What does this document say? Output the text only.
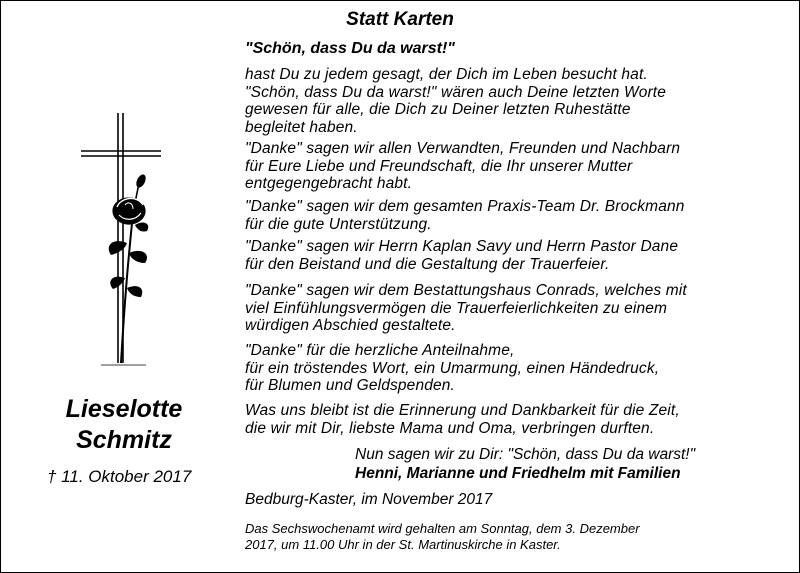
Statt Karten
Lieselotte
Schmitz
† 11. Oktober 2017
"Schön, dass Du da warst!"
hast Du zu jedem gesagt, der Dich im Leben besucht hat.
"Schön, dass Du da warst!" wären auch Deine letzten Worte
gewesen für alle, die Dich zu Deiner letzten Ruhestätte
begleitet haben.
"Danke" sagen wir allen Verwandten, Freunden und Nachbarn
für Eure Liebe und Freundschaft, die Ihr unserer Mutter
entgegengebracht habt.
"Danke" sagen wir dem gesamten Praxis-Team Dr. Brockmann
für die gute Unterstützung.
"Danke" sagen wir Herrn Kaplan Savy und Herrn Pastor Dane
für den Beistand und die Gestaltung der Trauerfeier.
"Danke" sagen wir dem Bestattungshaus Conrads, welches mit
viel Einfühlungsvermögen die Trauerfeierlichkeiten zu einem
würdigen Abschied gestaltete.
"Danke" für die herzliche Anteilnahme,
für ein tröstendes Wort, ein Umarmung, einen Händedruck,
für Blumen und Geldspenden.
Was uns bleibt ist die Erinnerung und Dankbarkeit für die Zeit,
die wir mit Dir, liebste Mama und Oma, verbringen durften.
Nun sagen wir zu Dir: "Schön, dass Du da warst!"
Henni, Marianne und Friedhelm mit Familien
Bedburg-Kaster, im November 2017
Das Sechswochenamt wird gehalten am Sonntag, dem 3. Dezember
2017, um 11.00 Uhr in der St. Martinuskirche in Kaster.
